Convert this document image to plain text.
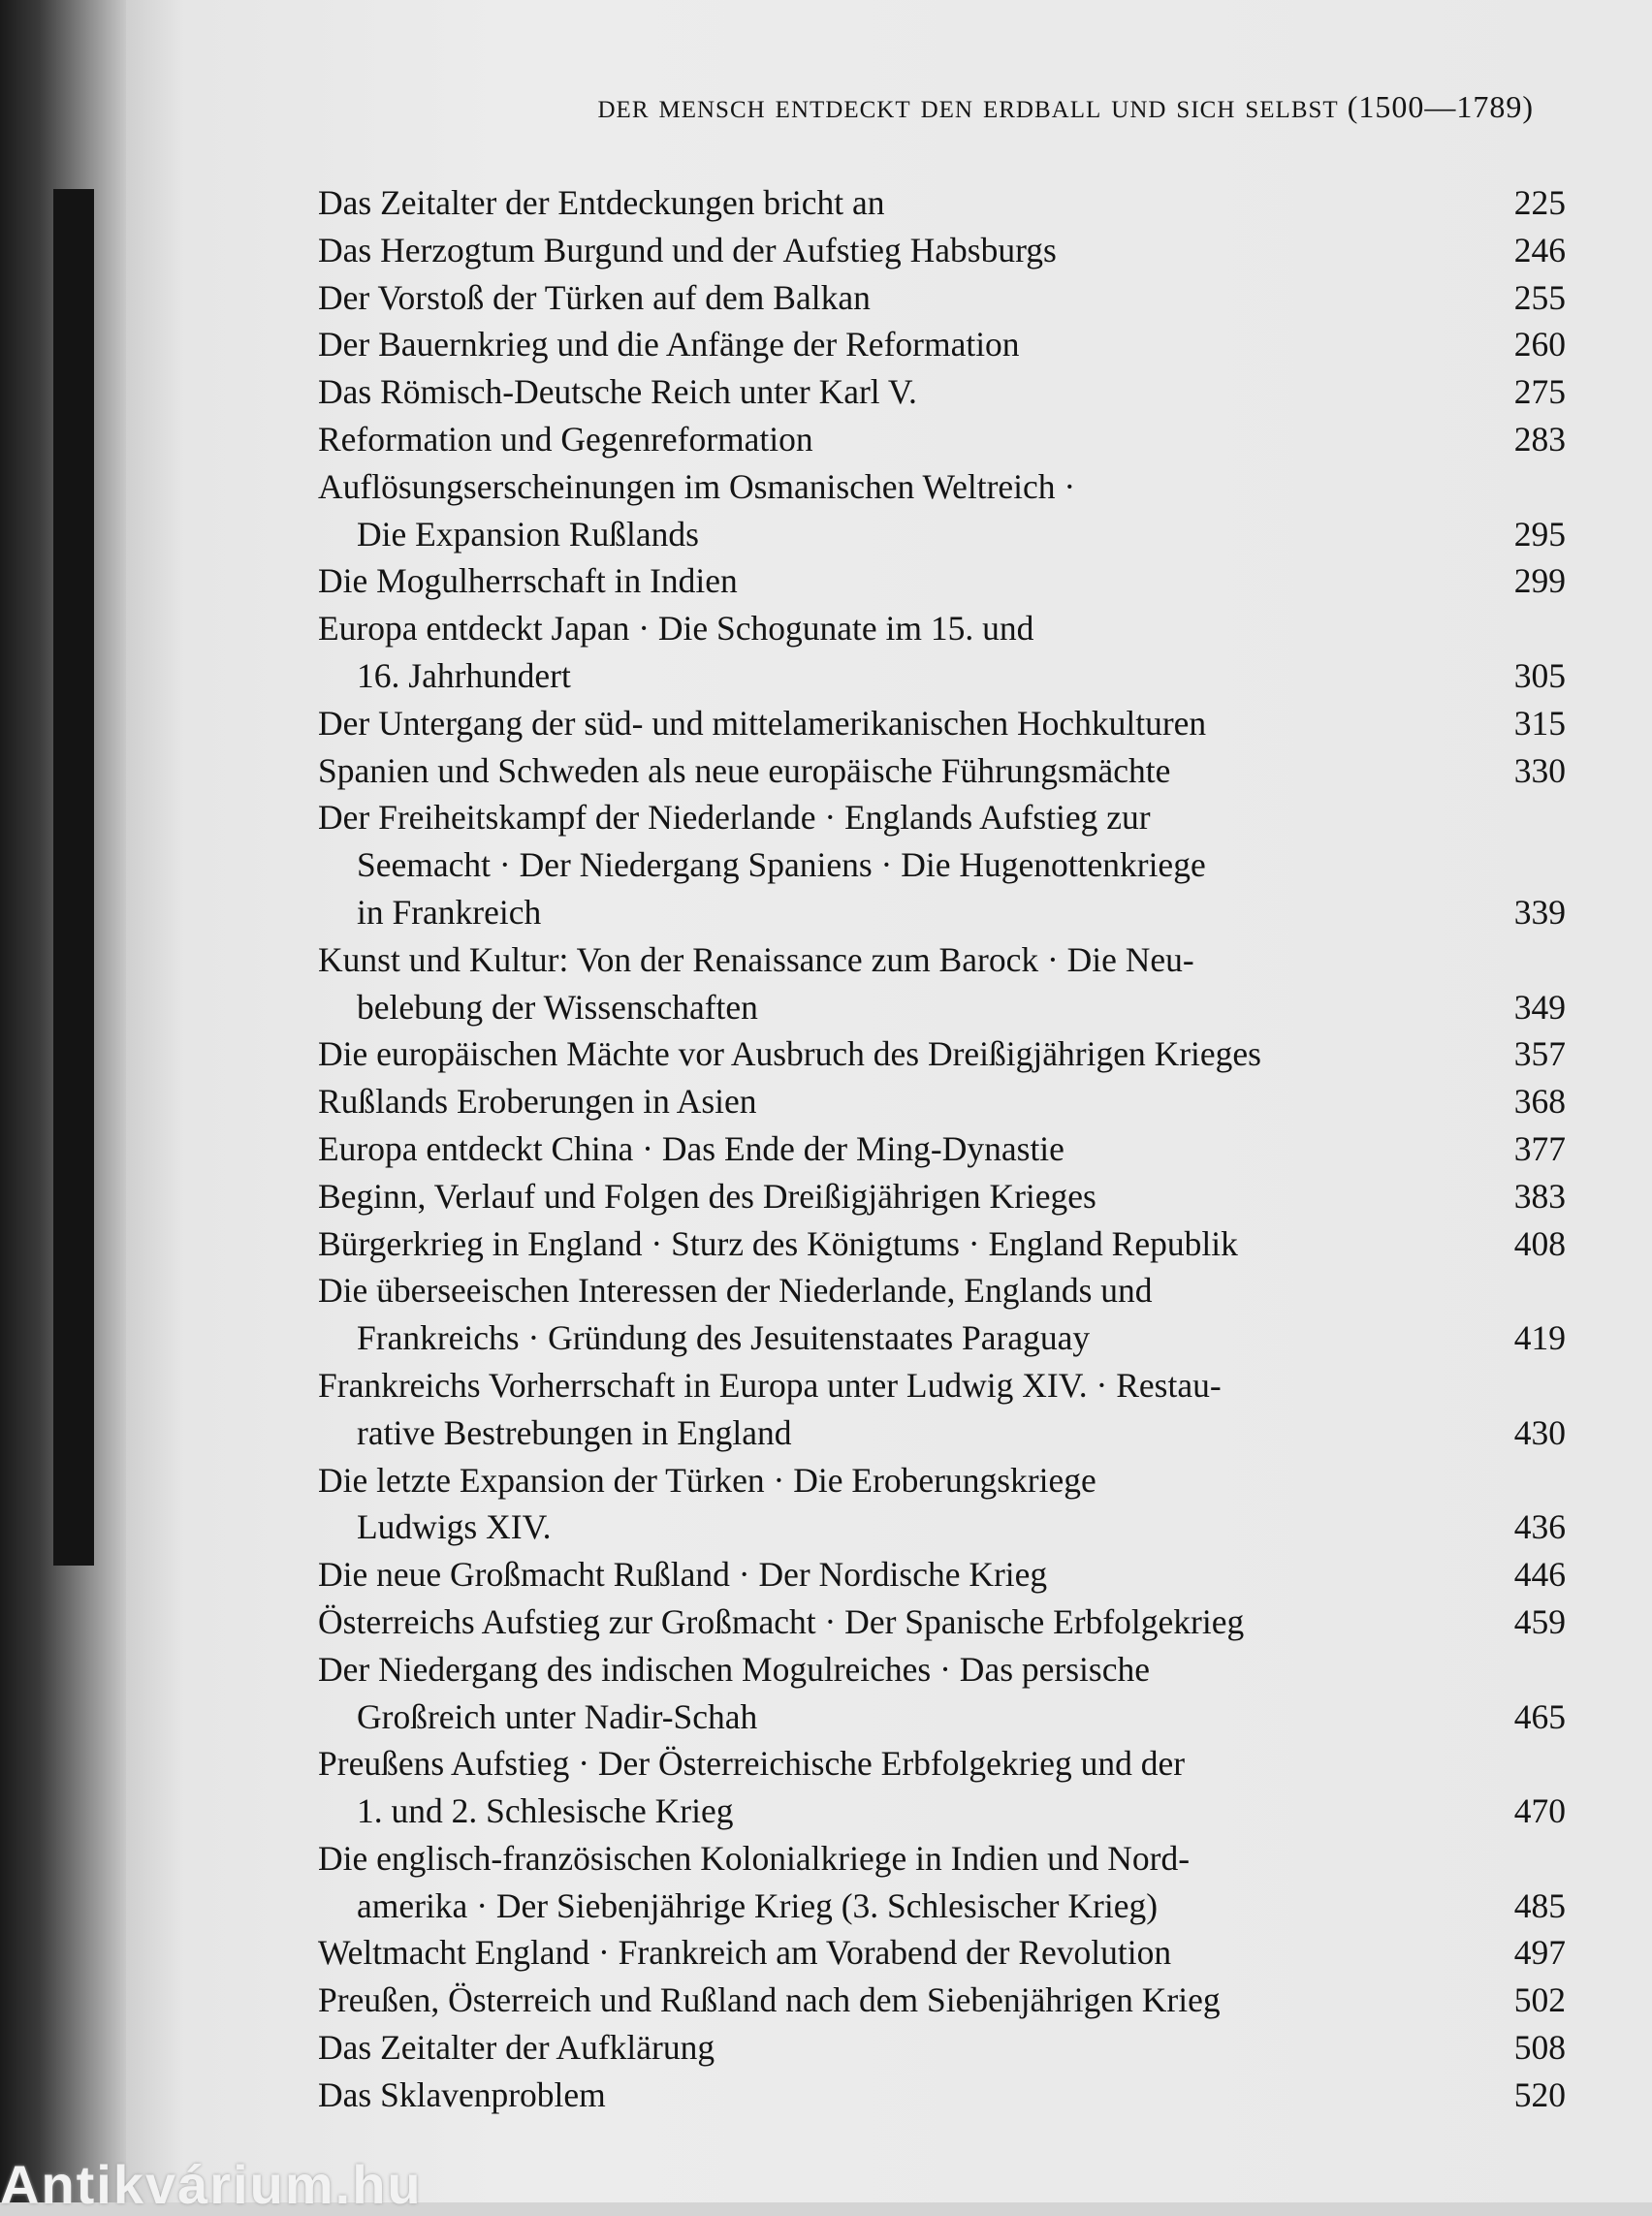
der mensch entdeckt den erdball und sich selbst (1500—1789)
Das Zeitalter der Entdeckungen bricht an	225
Das Herzogtum Burgund und der Aufstieg Habsburgs	246
Der Vorstoß der Türken auf dem Balkan	255
Der Bauernkrieg und die Anfänge der Reformation	260
Das Römisch-Deutsche Reich unter Karl V.	275
Reformation und Gegenreformation	283
Auflösungserscheinungen im Osmanischen Weltreich ·
Die Expansion Rußlands	295
Die Mogulherrschaft in Indien	299
Europa entdeckt Japan · Die Schogunate im 15. und
16. Jahrhundert	305
Der Untergang der süd- und mittelamerikanischen Hochkulturen	315
Spanien und Schweden als neue europäische Führungsmächte	330
Der Freiheitskampf der Niederlande · Englands Aufstieg zur
Seemacht · Der Niedergang Spaniens · Die Hugenottenkriege
in Frankreich	339
Kunst und Kultur: Von der Renaissance zum Barock · Die Neu-
belebung der Wissenschaften	349
Die europäischen Mächte vor Ausbruch des Dreißigjährigen Krieges	357
Rußlands Eroberungen in Asien	368
Europa entdeckt China · Das Ende der Ming-Dynastie	377
Beginn, Verlauf und Folgen des Dreißigjährigen Krieges	383
Bürgerkrieg in England · Sturz des Königtums · England Republik	408
Die überseeischen Interessen der Niederlande, Englands und
Frankreichs · Gründung des Jesuitenstaates Paraguay	419
Frankreichs Vorherrschaft in Europa unter Ludwig XIV. · Restau-
rative Bestrebungen in England	430
Die letzte Expansion der Türken · Die Eroberungskriege
Ludwigs XIV.	436
Die neue Großmacht Rußland · Der Nordische Krieg	446
Österreichs Aufstieg zur Großmacht · Der Spanische Erbfolgekrieg	459
Der Niedergang des indischen Mogulreiches · Das persische
Großreich unter Nadir-Schah	465
Preußens Aufstieg · Der Österreichische Erbfolgekrieg und der
1. und 2. Schlesische Krieg	470
Die englisch-französischen Kolonialkriege in Indien und Nord-
amerika · Der Siebenjährige Krieg (3. Schlesischer Krieg)	485
Weltmacht England · Frankreich am Vorabend der Revolution	497
Preußen, Österreich und Rußland nach dem Siebenjährigen Krieg	502
Das Zeitalter der Aufklärung	508
Das Sklavenproblem	520
Antikvárium.hu
